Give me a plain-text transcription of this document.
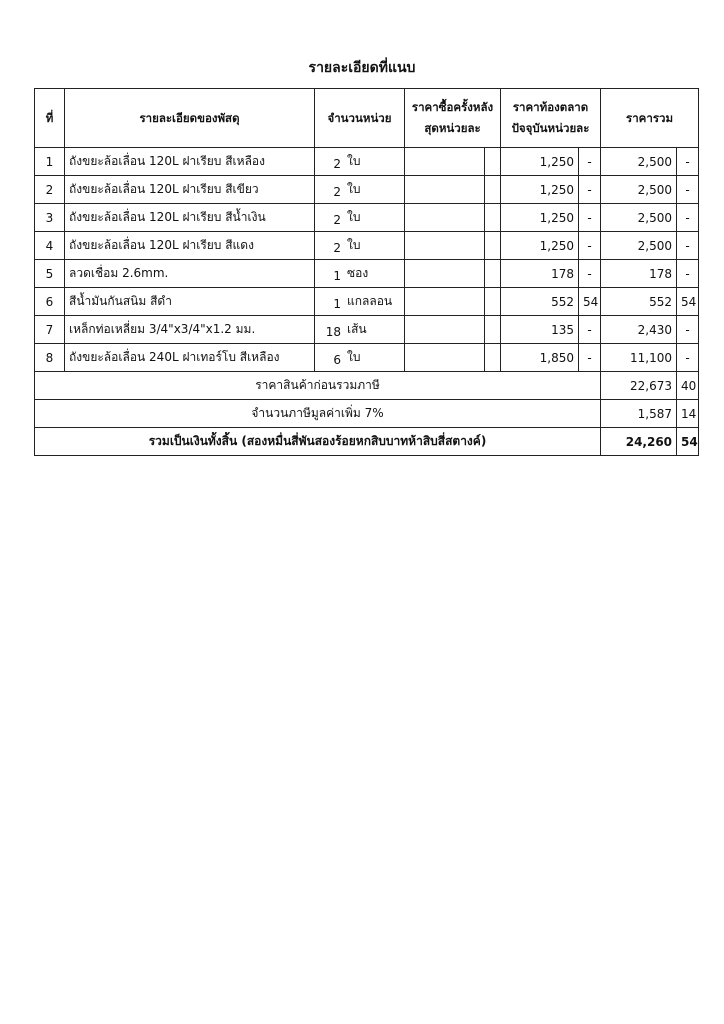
รายละเอียดที่แนบ
ที่	รายละเอียดของพัสดุ	จำนวนหน่วย	ราคาซื้อครั้งหลังสุดหน่วยละ		ราคาท้องตลาดปัจจุบันหน่วยละ		ราคารวม	
1	ถังขยะล้อเลื่อน 120L ฝาเรียบ สีเหลือง	2 ใบ			1,250	-	2,500	-
2	ถังขยะล้อเลื่อน 120L ฝาเรียบ สีเขียว	2 ใบ			1,250	-	2,500	-
3	ถังขยะล้อเลื่อน 120L ฝาเรียบ สีน้ำเงิน	2 ใบ			1,250	-	2,500	-
4	ถังขยะล้อเลื่อน 120L ฝาเรียบ สีแดง	2 ใบ			1,250	-	2,500	-
5	ลวดเชื่อม 2.6mm.	1 ซอง			178	-	178	-
6	สีน้ำมันกันสนิม สีดำ	1 แกลลอน			552	54	552	54
7	เหล็กท่อเหลี่ยม 3/4"x3/4"x1.2 มม.	18 เส้น			135	-	2,430	-
8	ถังขยะล้อเลื่อน 240L ฝาเทอร์โบ สีเหลือง	6 ใบ			1,850	-	11,100	-
ราคาสินค้าก่อนรวมภาษี							22,673	40
จำนวนภาษีมูลค่าเพิ่ม 7%							1,587	14
รวมเป็นเงินทั้งสิ้น (สองหมื่นสี่พันสองร้อยหกสิบบาทห้าสิบสี่สตางค์)							24,260	54
